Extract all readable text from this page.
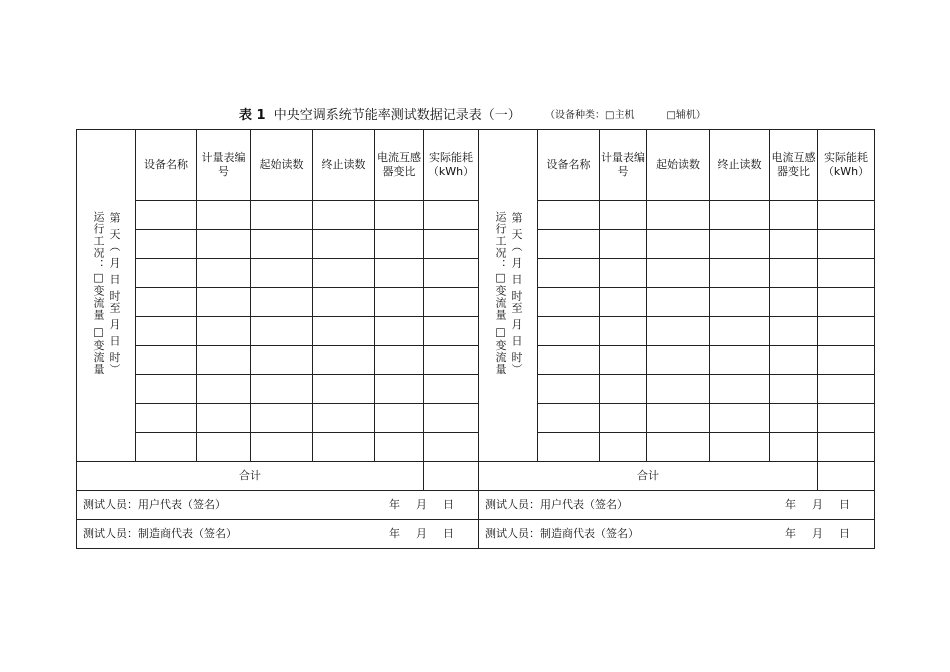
表 1 中央空调系统节能率测试数据记录表（一） （设备种类：□主机	□辅机）
运行工况：□变流量 □变流量 第 天（ 月 日 时至 月 日 时）	设备名称	计量表编号	起始读数	终止读数	电流互感器变比	实际能耗（kWh）	运行工况：□变流量 □变流量 第 天（ 月 日 时至 月 日 时）	设备名称	计量表编号	起始读数	终止读数	电流互感器变比	实际能耗（kWh）

合计							合计						

测试人员：用户代表（签名） 年 月 日							测试人员：用户代表（签名） 年 月 日						

测试人员：制造商代表（签名） 年 月 日							测试人员：制造商代表（签名） 年 月 日						
